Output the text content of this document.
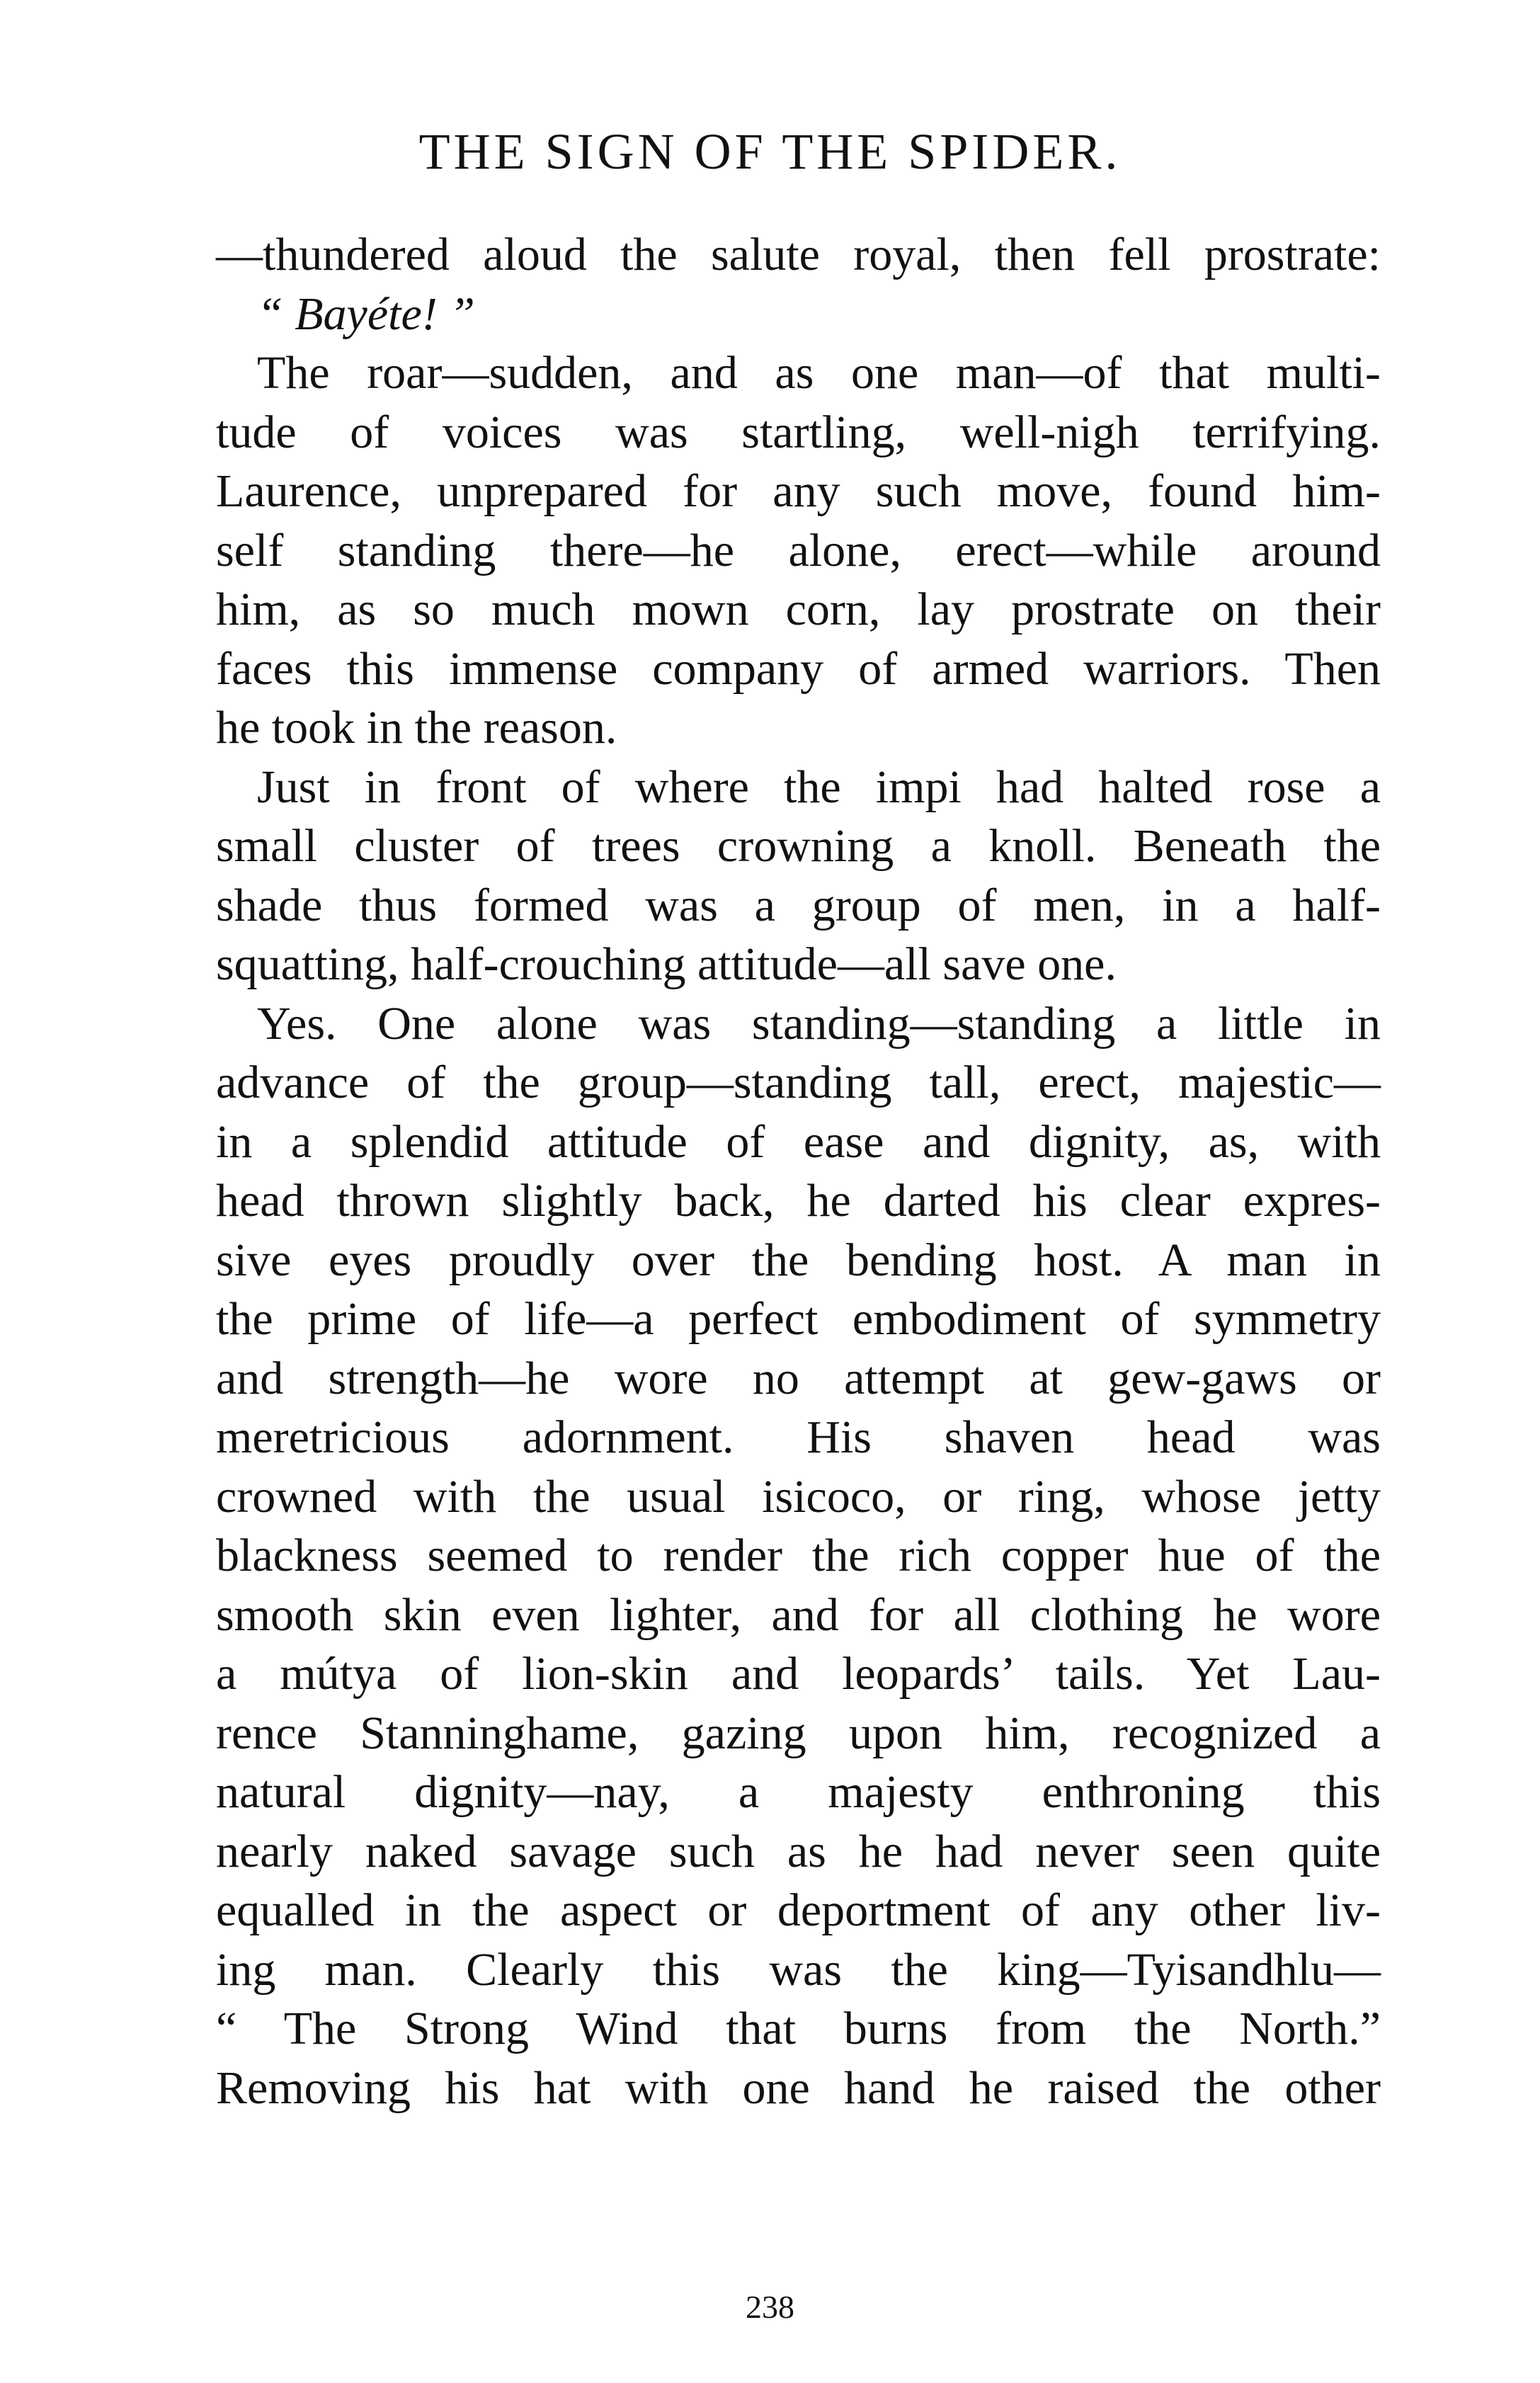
THE SIGN OF THE SPIDER.
—thundered aloud the salute royal, then fell prostrate:
“ Bayéte! ”
The roar—sudden, and as one man—of that multi-
tude of voices was startling, well-nigh terrifying.
Laurence, unprepared for any such move, found him-
self standing there—he alone, erect—while around
him, as so much mown corn, lay prostrate on their
faces this immense company of armed warriors. Then
he took in the reason.
Just in front of where the impi had halted rose a
small cluster of trees crowning a knoll. Beneath the
shade thus formed was a group of men, in a half-
squatting, half-crouching attitude—all save one.
Yes. One alone was standing—standing a little in
advance of the group—standing tall, erect, majestic—
in a splendid attitude of ease and dignity, as, with
head thrown slightly back, he darted his clear expres-
sive eyes proudly over the bending host. A man in
the prime of life—a perfect embodiment of symmetry
and strength—he wore no attempt at gew-gaws or
meretricious adornment. His shaven head was
crowned with the usual isicoco, or ring, whose jetty
blackness seemed to render the rich copper hue of the
smooth skin even lighter, and for all clothing he wore
a mútya of lion-skin and leopards’ tails. Yet Lau-
rence Stanninghame, gazing upon him, recognized a
natural dignity—nay, a majesty enthroning this
nearly naked savage such as he had never seen quite
equalled in the aspect or deportment of any other liv-
ing man. Clearly this was the king—Tyisandhlu—
“ The Strong Wind that burns from the North.”
Removing his hat with one hand he raised the other
238
